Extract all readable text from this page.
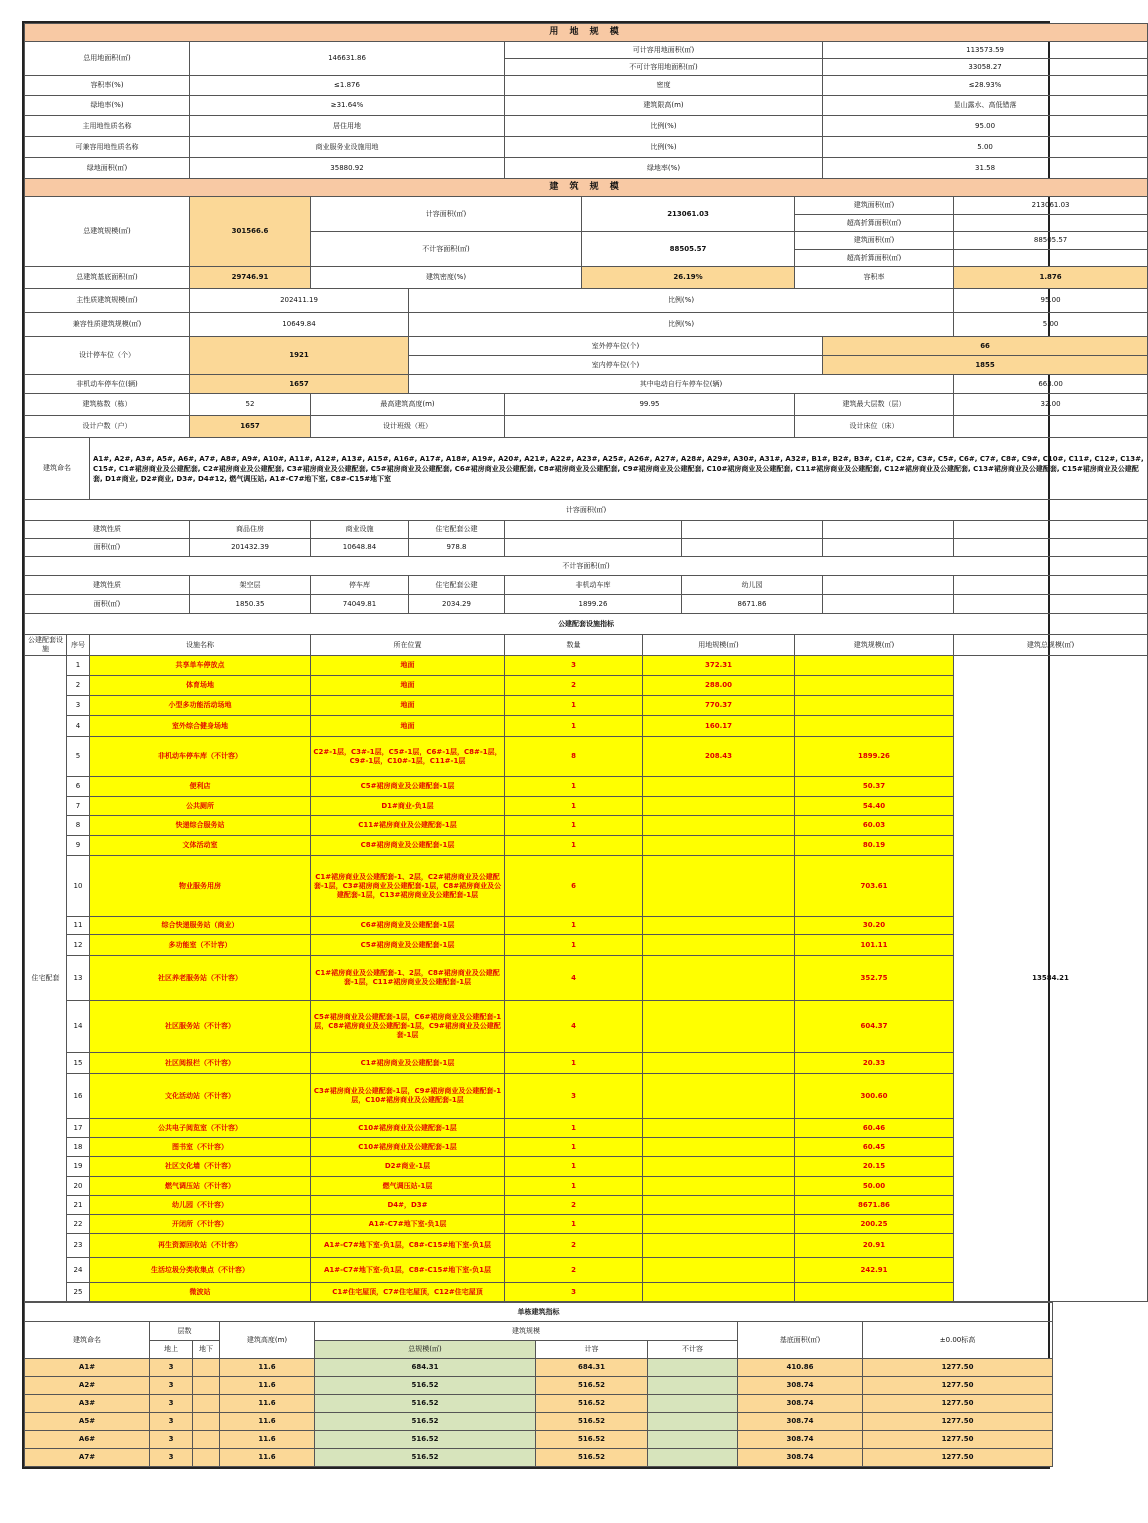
用 地 规 模												
总用地面积(㎡)			146631.86			可计容用地面积(㎡)					113573.59	
						不可计容用地面积(㎡)					33058.27	
容积率(%)			≤1.876			密度					≤28.93%	
绿地率(%)			≥31.64%			建筑限高(m)					显山露水、高低错落	
主用地性质名称			居住用地			比例(%)					95.00	
可兼容用地性质名称			商业服务业设施用地			比例(%)					5.00	
绿地面积(㎡)			35880.92			绿地率(%)					31.58	
建 筑 规 模												
总建筑规模(㎡)			301566.6	计容面积(㎡)			213061.03			建筑面积(㎡)		213061.03
										超高折算面积(㎡)		
				不计容面积(㎡)			88505.57			建筑面积(㎡)		88505.57
										超高折算面积(㎡)		
总建筑基底面积(㎡)			29746.91	建筑密度(%)			26.19%			容积率		1.876
主性质建筑规模(㎡)			202411.19		比例(%)							95.00
兼容性质建筑规模(㎡)			10649.84		比例(%)							5.00
设计停车位（个）			1921		室外停车位(个)						66	
					室内停车位(个)						1855	
非机动车停车位(辆)			1657		其中电动自行车停车位(辆)							663.00
建筑栋数（栋）			52	最高建筑高度(m)		99.95				建筑最大层数（层）		32.00
设计户数（户）			1657	设计班级（班）						设计床位（床）		
建筑命名		A1#, A2#, A3#, A5#, A6#, A7#, A8#, A9#, A10#, A11#, A12#, A13#, A15#, A16#, A17#, A18#, A19#, A20#, A21#, A22#, A23#, A25#, A26#, A27#, A28#, A29#, A30#, A31#, A32#, B1#, B2#, B3#, C1#, C2#, C3#, C5#, C6#, C7#, C8#, C9#, C10#, C11#, C12#, C13#, C15#, C1#裙房商业及公建配套, C2#裙房商业及公建配套, C3#裙房商业及公建配套, C5#裙房商业及公建配套, C6#裙房商业及公建配套, C8#裙房商业及公建配套, C9#裙房商业及公建配套, C10#裙房商业及公建配套, C11#裙房商业及公建配套, C12#裙房商业及公建配套, C13#裙房商业及公建配套, C15#裙房商业及公建配套, D1#商业, D2#商业, D3#, D4#12, 燃气调压站, A1#-C7#地下室, C8#-C15#地下室										
计容面积(㎡)												
建筑性质			商品住房	商业设施	住宅配套公建							
面积(㎡)			201432.39	10648.84	978.8							
不计容面积(㎡)												
建筑性质			架空层	停车库	住宅配套公建	非机动车库			幼儿园			
面积(㎡)			1850.35	74049.81	2034.29	1899.26			8671.86			
公建配套设施指标												
公建配套设施	序号	设施名称		所在位置		数量		用地规模(㎡)		建筑规模(㎡)		建筑总规模(㎡)
住宅配套	1	共享单车停放点		地面		3		372.31				13584.21
	2	体育场地		地面		2		288.00				
	3	小型多功能活动场地		地面		1		770.37				
	4	室外综合健身场地		地面		1		160.17				
	5	非机动车停车库（不计容）		C2#-1层，C3#-1层，C5#-1层，C6#-1层，C8#-1层，C9#-1层，C10#-1层，C11#-1层		8		208.43		1899.26		
	6	便利店		C5#裙房商业及公建配套-1层		1				50.37		
	7	公共厕所		D1#商业-负1层		1				54.40		
	8	快递综合服务站		C11#裙房商业及公建配套-1层		1				60.03		
	9	文体活动室		C8#裙房商业及公建配套-1层		1				80.19		
	10	物业服务用房		C1#裙房商业及公建配套-1、2层，C2#裙房商业及公建配套-1层，C3#裙房商业及公建配套-1层，C8#裙房商业及公建配套-1层，C13#裙房商业及公建配套-1层		6				703.61		
	11	综合快递服务站（商业）		C6#裙房商业及公建配套-1层		1				30.20		
	12	多功能室（不计容）		C5#裙房商业及公建配套-1层		1				101.11		
	13	社区养老服务站（不计容）		C1#裙房商业及公建配套-1、2层，C8#裙房商业及公建配套-1层，C11#裙房商业及公建配套-1层		4				352.75		
	14	社区服务站（不计容）		C5#裙房商业及公建配套-1层，C6#裙房商业及公建配套-1层，C8#裙房商业及公建配套-1层，C9#裙房商业及公建配套-1层		4				604.37		
	15	社区阅报栏（不计容）		C1#裙房商业及公建配套-1层		1				20.33		
	16	文化活动站（不计容）		C3#裙房商业及公建配套-1层，C9#裙房商业及公建配套-1层，C10#裙房商业及公建配套-1层		3				300.60		
	17	公共电子阅览室（不计容）		C10#裙房商业及公建配套-1层		1				60.46		
	18	图书室（不计容）		C10#裙房商业及公建配套-1层		1				60.45		
	19	社区文化墙（不计容）		D2#商业-1层		1				20.15		
	20	燃气调压站（不计容）		燃气调压站-1层		1				50.00		
	21	幼儿园（不计容）		D4#，D3#		2				8671.86		
	22	开闭所（不计容）		A1#-C7#地下室-负1层		1				200.25		
	23	再生资源回收站（不计容）		A1#-C7#地下室-负1层，C8#-C15#地下室-负1层		2				20.91		
	24	生活垃圾分类收集点（不计容）		A1#-C7#地下室-负1层，C8#-C15#地下室-负1层		2				242.91		
	25	微波站		C1#住宅屋顶，C7#住宅屋顶，C12#住宅屋顶		3						
单栋建筑指标								
建筑命名	层数		建筑高度(m)	建筑规模			基底面积(㎡)	±0.00标高
	地上	地下		总规模(㎡)	计容	不计容		
A1#	3		11.6	684.31	684.31		410.86	1277.50
A2#	3		11.6	516.52	516.52		308.74	1277.50
A3#	3		11.6	516.52	516.52		308.74	1277.50
A5#	3		11.6	516.52	516.52		308.74	1277.50
A6#	3		11.6	516.52	516.52		308.74	1277.50
A7#	3		11.6	516.52	516.52		308.74	1277.50
